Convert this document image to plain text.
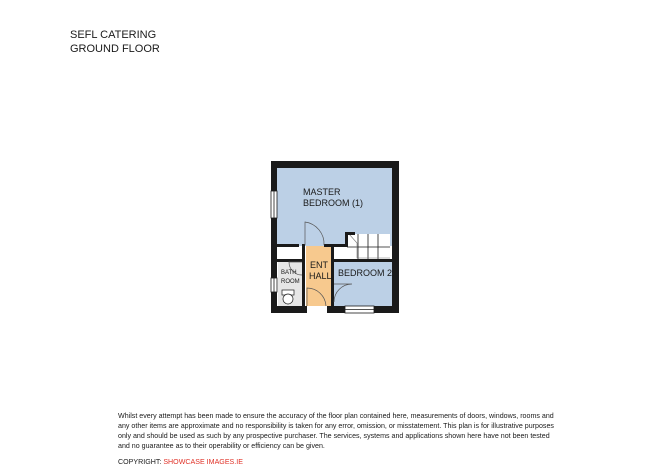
SEFL CATERING
GROUND FLOOR
MASTER
BEDROOM (1)
ENT
HALL BEDROOM 2
BATH
ROOM
Whilst every attempt has been made to ensure the accuracy of the floor plan contained here, measurements of doors, windows, rooms and any other items are approximate and no responsibility is taken for any error, omission, or misstatement. This plan is for illustrative purposes only and should be used as such by any prospective purchaser. The services, systems and applications shown here have not been tested and no guarantee as to their operability or efficiency can be given.
COPYRIGHT: SHOWCASE IMAGES.IE
